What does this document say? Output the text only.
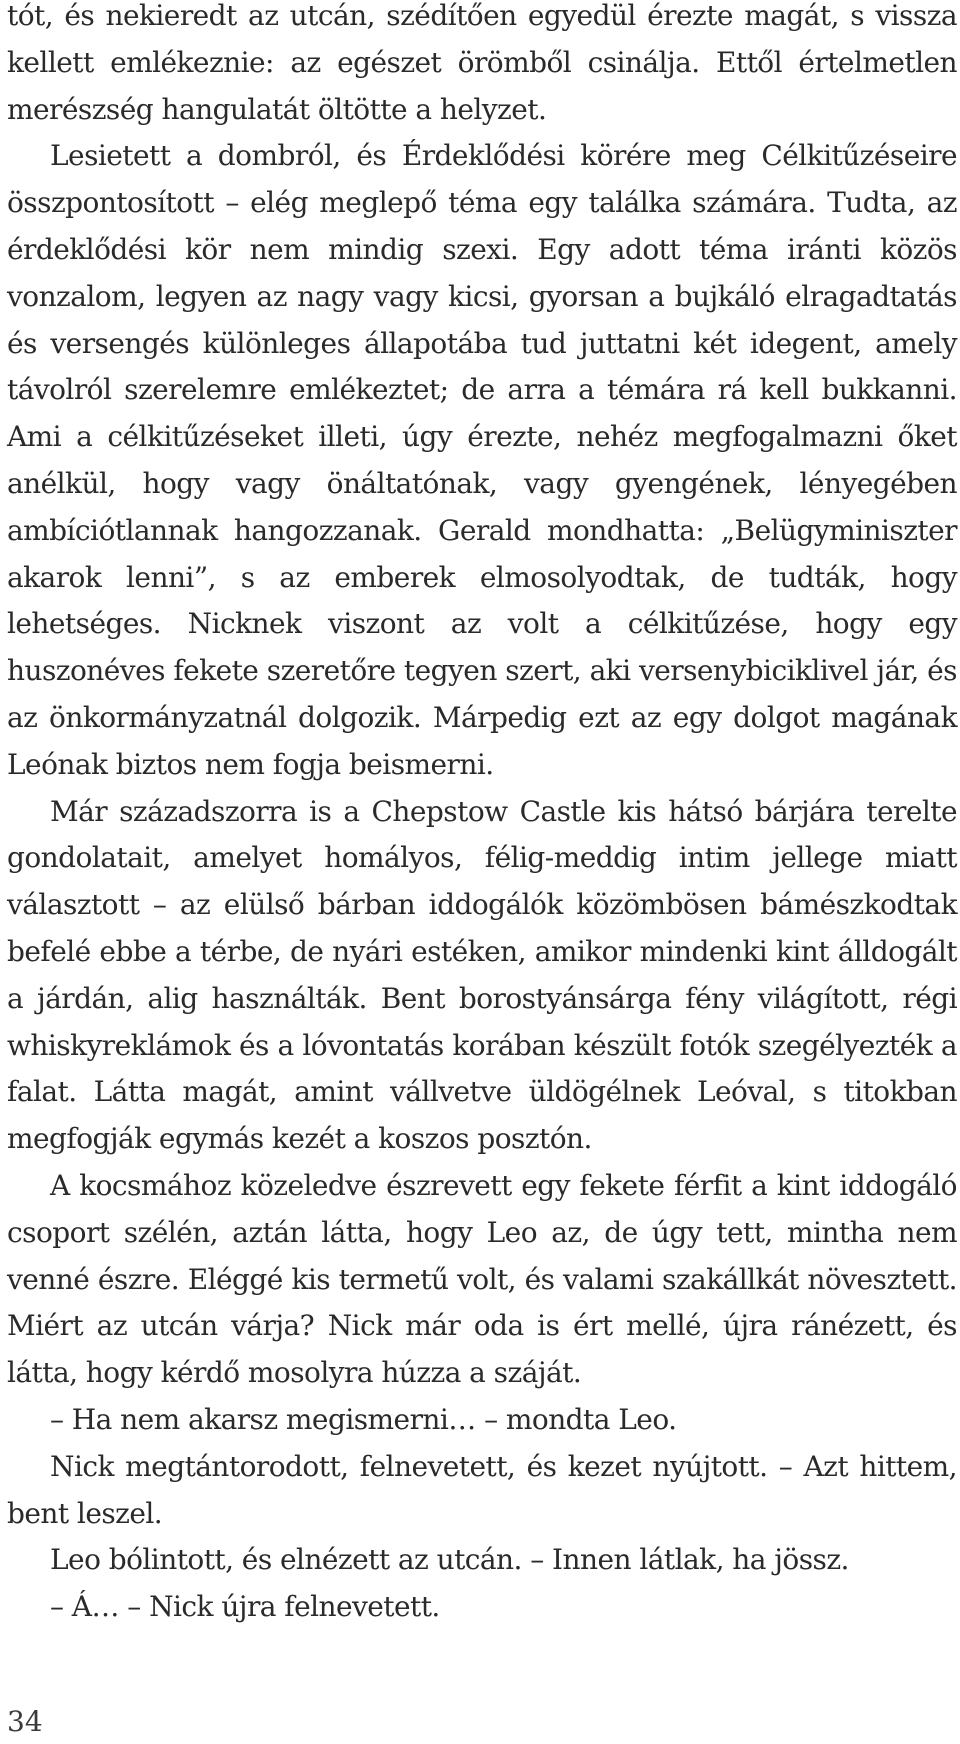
tót, és nekieredt az utcán, szédítően egyedül érezte magát, s vissza kellett emlékeznie: az egészet örömből csinálja. Ettől értelmetlen merészség hangulatát öltötte a helyzet.

Lesietett a dombról, és Érdeklődési körére meg Célkitűzéseire összpontosított – elég meglepő téma egy találka számára. Tudta, az érdeklődési kör nem mindig szexi. Egy adott téma iránti közös vonzalom, legyen az nagy vagy kicsi, gyorsan a bujkáló elragadtatás és versengés különleges állapotába tud juttatni két idegent, amely távolról szerelemre emlékeztet; de arra a témára rá kell bukkanni. Ami a célkitűzéseket illeti, úgy érezte, nehéz megfogalmazni őket anélkül, hogy vagy önáltatónak, vagy gyengének, lényegében ambíciótlannak hangozzanak. Gerald mondhatta: „Belügyminiszter akarok lenni”, s az emberek elmosolyodtak, de tudták, hogy lehetséges. Nicknek viszont az volt a célkitűzése, hogy egy huszonéves fekete szeretőre tegyen szert, aki versenybiciklivel jár, és az önkormányzatnál dolgozik. Márpedig ezt az egy dolgot magának Leónak biztos nem fogja beismerni.

Már századszorra is a Chepstow Castle kis hátsó bárjára terelte gondolatait, amelyet homályos, félig-meddig intim jellege miatt választott – az elülső bárban iddogálók közömbösen bámészkodtak befelé ebbe a térbe, de nyári estéken, amikor mindenki kint álldogált a járdán, alig használták. Bent borostyánsárga fény világított, régi whiskyreklámok és a lóvontatás korában készült fotók szegélyezték a falat. Látta magát, amint vállvetve üldögélnek Leóval, s titokban megfogják egymás kezét a koszos posztón.

A kocsmához közeledve észrevett egy fekete férfit a kint iddogáló csoport szélén, aztán látta, hogy Leo az, de úgy tett, mintha nem venné észre. Eléggé kis termetű volt, és valami szakállkát növesztett. Miért az utcán várja? Nick már oda is ért mellé, újra ránézett, és látta, hogy kérdő mosolyra húzza a száját.

– Ha nem akarsz megismerni… – mondta Leo.

Nick megtántorodott, felnevetett, és kezet nyújtott. – Azt hittem, bent leszel.

Leo bólintott, és elnézett az utcán. – Innen látlak, ha jössz.

– Á… – Nick újra felnevetett.

34
